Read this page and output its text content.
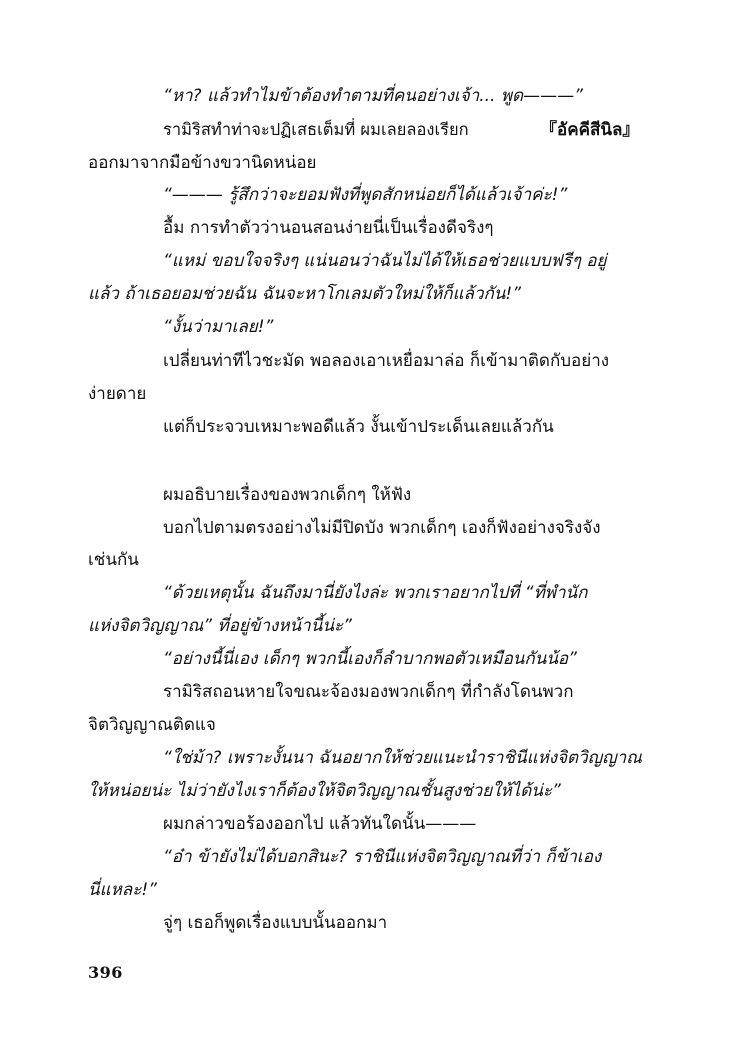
“หา? แล้วทำไมข้าต้องทำตามที่คนอย่างเจ้า... พูด———”
รามิริสทำท่าจะปฏิเสธเต็มที่ ผมเลยลองเรียก	『อัคคีสีนิล』
ออกมาจากมือข้างขวานิดหน่อย
“——— รู้สึกว่าจะยอมฟังที่พูดสักหน่อยก็ได้แล้วเจ้าค่ะ!”
อื้ม การทำตัวว่านอนสอนง่ายนี่เป็นเรื่องดีจริงๆ
“แหม่ ขอบใจจริงๆ แน่นอนว่าฉันไม่ได้ให้เธอช่วยแบบฟรีๆ อยู่
แล้ว ถ้าเธอยอมช่วยฉัน ฉันจะหาโกเลมตัวใหม่ให้ก็แล้วกัน!”
“งั้นว่ามาเลย!”
เปลี่ยนท่าทีไวชะมัด พอลองเอาเหยื่อมาล่อ ก็เข้ามาติดกับอย่าง
ง่ายดาย
แต่ก็ประจวบเหมาะพอดีแล้ว งั้นเข้าประเด็นเลยแล้วกัน
ผมอธิบายเรื่องของพวกเด็กๆ ให้ฟัง
บอกไปตามตรงอย่างไม่มีปิดบัง พวกเด็กๆ เองก็ฟังอย่างจริงจัง
เช่นกัน
“ด้วยเหตุนั้น ฉันถึงมานี่ยังไงล่ะ พวกเราอยากไปที่ “ที่พำนัก
แห่งจิตวิญญาณ” ที่อยู่ข้างหน้านี้น่ะ”
“อย่างนี้นี่เอง เด็กๆ พวกนี้เองก็ลำบากพอตัวเหมือนกันน้อ”
รามิริสถอนหายใจขณะจ้องมองพวกเด็กๆ ที่กำลังโดนพวก
จิตวิญญาณติดแจ
“ใช่ม้า? เพราะงั้นนา ฉันอยากให้ช่วยแนะนำราชินีแห่งจิตวิญญาณ
ให้หน่อยน่ะ ไม่ว่ายังไงเราก็ต้องให้จิตวิญญาณชั้นสูงช่วยให้ได้น่ะ”
ผมกล่าวขอร้องออกไป แล้วทันใดนั้น———
“อ๋า ข้ายังไม่ได้บอกสินะ? ราชินีแห่งจิตวิญญาณที่ว่า ก็ข้าเอง
นี่แหละ!”
จู่ๆ เธอก็พูดเรื่องแบบนั้นออกมา
396
